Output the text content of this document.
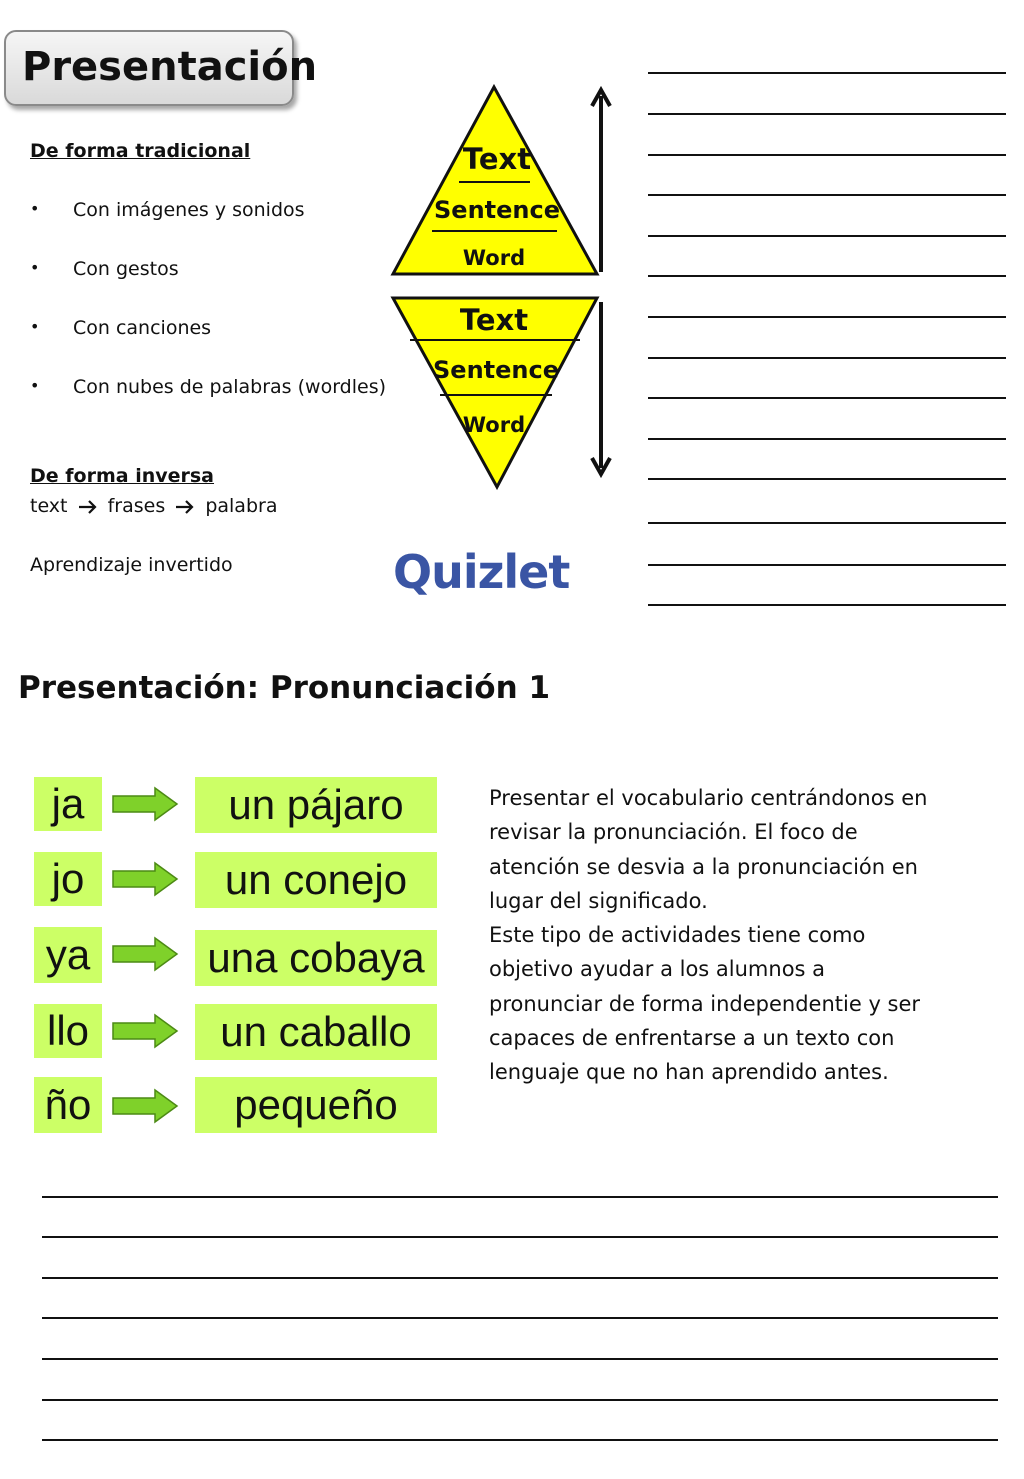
Presentación
De forma tradicional
• Con imágenes y sonidos
• Con gestos
• Con canciones
• Con nubes de palabras (wordles)
De forma inversa
text frases palabra
Aprendizaje invertido
Text
Sentence
Word
Text
Sentence
Word
Quizlet
Presentación: Pronunciación 1
ja	un pájaro
jo	un conejo
ya	una cobaya
llo	un caballo
ño	pequeño
Presentar el vocabulario centrándonos en
revisar la pronunciación. El foco de
atención se desvia a la pronunciación en
lugar del significado.
Este tipo de actividades tiene como
objetivo ayudar a los alumnos a
pronunciar de forma independentie y ser
capaces de enfrentarse a un texto con
lenguaje que no han aprendido antes.
